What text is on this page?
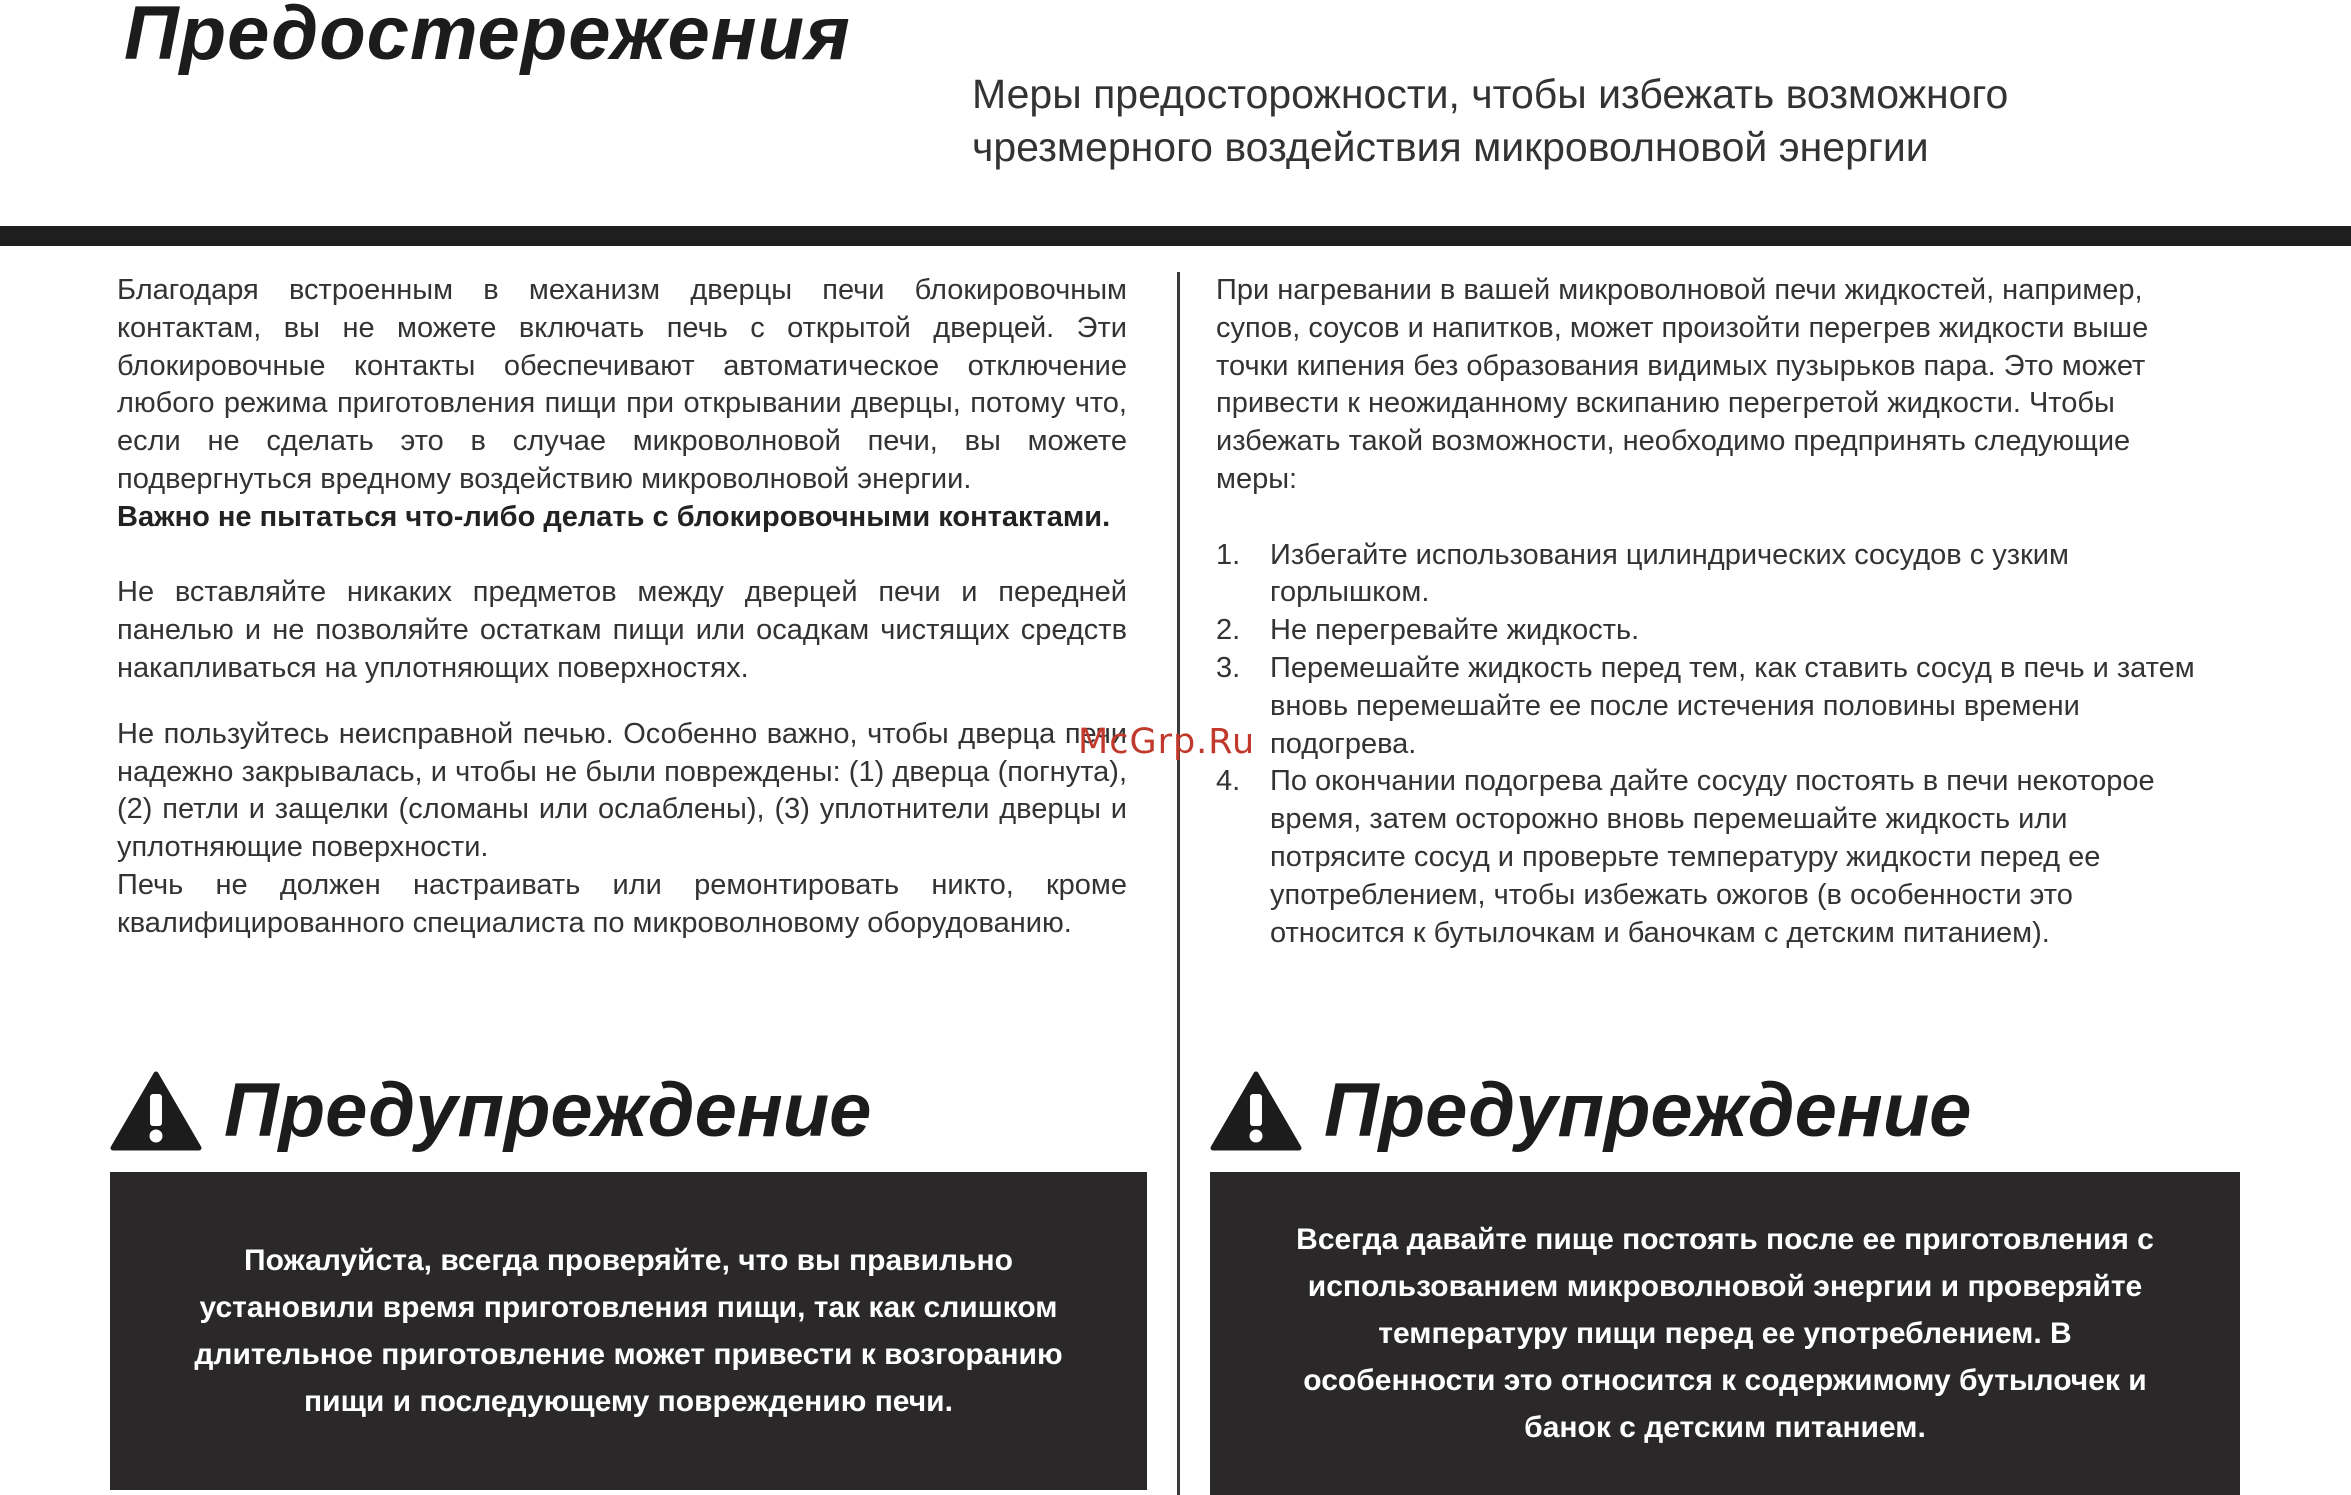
Предостережения
Меры предосторожности, чтобы избежать возможного
чрезмерного воздействия микроволновой энергии

Благодаря встроенным в механизм дверцы печи блокировочным контактам, вы не можете включать печь с открытой дверцей. Эти блокировочные контакты обеспечивают автоматическое отключение любого режима приготовления пищи при открывании дверцы, потому что, если не сделать это в случае микроволновой печи, вы можете подвергнуться вредному воздействию микроволновой энергии.

Важно не пытаться что-либо делать с блокировочными контактами.

Не вставляйте никаких предметов между дверцей печи и передней панелью и не позволяйте остаткам пищи или осадкам чистящих средств накапливаться на уплотняющих поверхностях.

Не пользуйтесь неисправной печью. Особенно важно, чтобы дверца печи надежно закрывалась, и чтобы не были повреждены: (1) дверца (погнута), (2) петли и защелки (сломаны или ослаблены), (3) уплотнители дверцы и уплотняющие поверхности.

Печь не должен настраивать или ремонтировать никто, кроме квалифицированного специалиста по микроволновому оборудованию.

При нагревании в вашей микроволновой печи жидкостей, например, супов, соусов и напитков, может произойти перегрев жидкости выше точки кипения без образования видимых пузырьков пара. Это может привести к неожиданному вскипанию перегретой жидкости. Чтобы избежать такой возможности, необходимо предпринять следующие меры:

1. Избегайте использования цилиндрических сосудов с узким горлышком.
2. Не перегревайте жидкость.
3. Перемешайте жидкость перед тем, как ставить сосуд в печь и затем вновь перемешайте ее после истечения половины времени подогрева.
4. По окончании подогрева дайте сосуду постоять в печи некоторое время, затем осторожно вновь перемешайте жидкость или потрясите сосуд и проверьте температуру жидкости перед ее употреблением, чтобы избежать ожогов (в особенности это относится к бутылочкам и баночкам с детским питанием).
McGrp.Ru
Предупреждение	Предупреждение
Пожалуйста, всегда проверяйте, что вы правильно
установили время приготовления пищи, так как слишком
длительное приготовление может привести к возгоранию
пищи и последующему повреждению печи.
Всегда давайте пище постоять после ее приготовления с
использованием микроволновой энергии и проверяйте
температуру пищи перед ее употреблением. В
особенности это относится к содержимому бутылочек и
банок с детским питанием.
